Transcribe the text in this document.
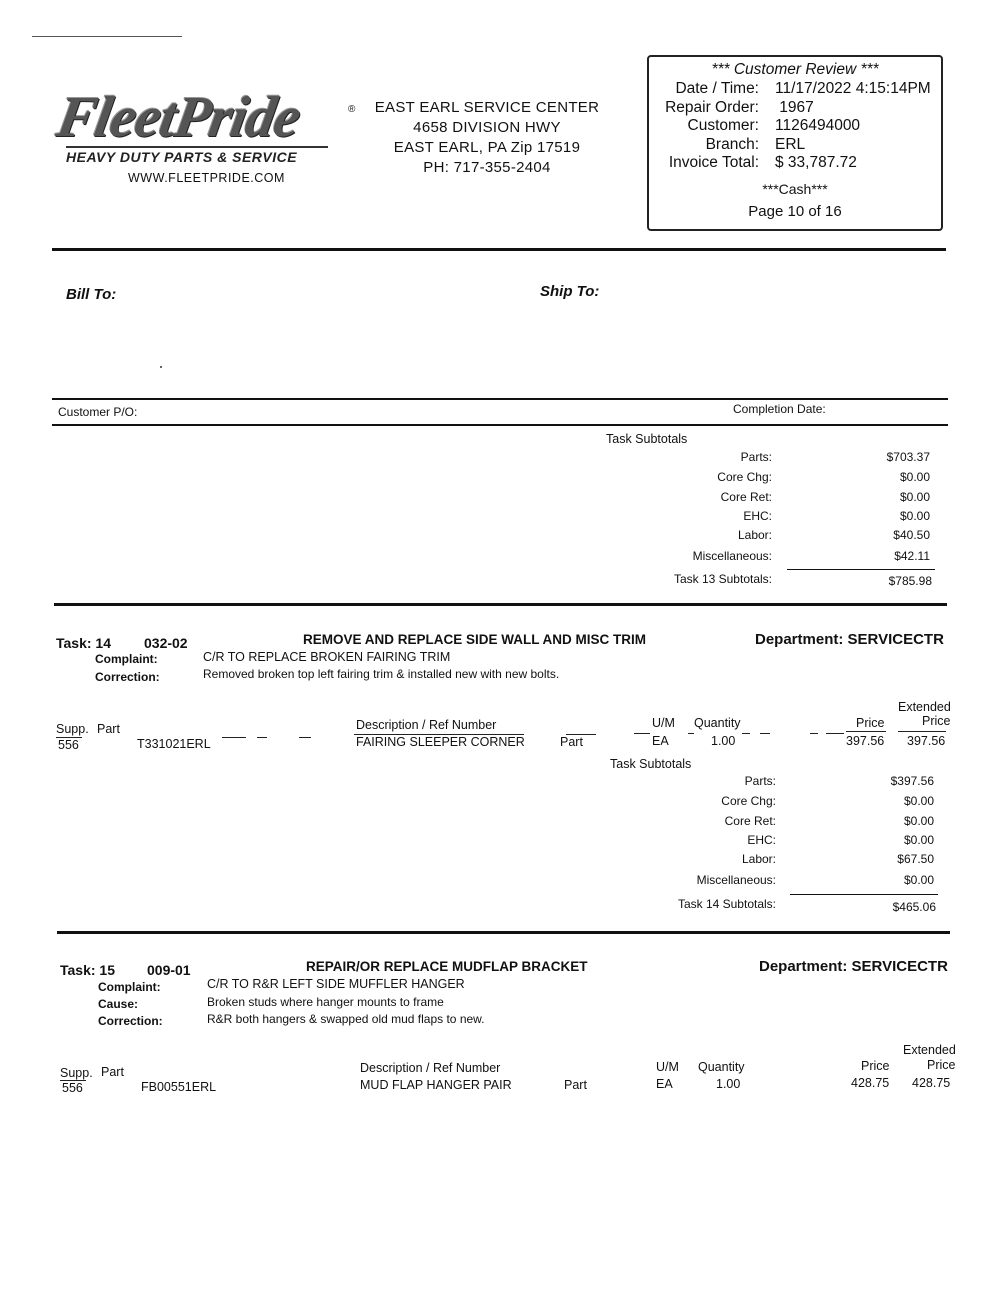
FleetPride	®
HEAVY DUTY PARTS & SERVICE
WWW.FLEETPRIDE.COM
EAST EARL SERVICE CENTER
4658 DIVISION HWY
EAST EARL, PA Zip 17519
PH: 717-355-2404
*** Customer Review ***
Date / Time:	11/17/2022 4:15:14PM
Repair Order:	1967
Customer:	1126494000
Branch:	ERL
Invoice Total:	$ 33,787.72
***Cash***
Page 10 of 16
Bill To:	Ship To:
Customer P/O:	Completion Date:
Task Subtotals
Parts:	$703.37
Core Chg:	$0.00
Core Ret:	$0.00
EHC:	$0.00
Labor:	$40.50
Miscellaneous:	$42.11
Task 13 Subtotals:	$785.98
Task: 14 032-02	REMOVE AND REPLACE SIDE WALL AND MISC TRIM	Department: SERVICECTR
Complaint:	C/R TO REPLACE BROKEN FAIRING TRIM
Correction:	Removed broken top left fairing trim & installed new with new bolts.
Supp. Part	Description / Ref Number	U/M Quantity	Price
Extended
Price
556	T331021ERL	FAIRING SLEEPER CORNER	Part	EA	1.00	397.56 397.56
Task Subtotals
Parts:	$397.56
Core Chg:	$0.00
Core Ret:	$0.00
EHC:	$0.00
Labor:	$67.50
Miscellaneous:	$0.00
Task 14 Subtotals:	$465.06
Task: 15 009-01	REPAIR/OR REPLACE MUDFLAP BRACKET	Department: SERVICECTR
Complaint:	C/R TO R&R LEFT SIDE MUFFLER HANGER
Cause:	Broken studs where hanger mounts to frame
Correction:	R&R both hangers & swapped old mud flaps to new.
Supp. Part	Description / Ref Number	U/M Quantity	Price
Extended
Price
556	FB00551ERL	MUD FLAP HANGER PAIR	Part	EA	1.00	428.75 428.75
